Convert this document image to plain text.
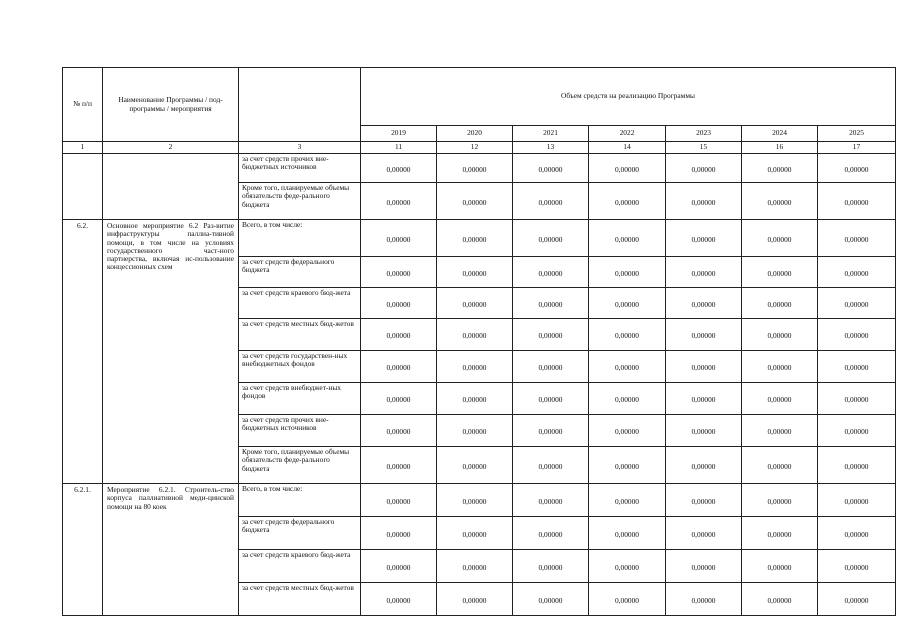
№ п/п	Наименование Программы / под-программы / мероприятия		Объем средств на реализацию Программы						
			2019	2020	2021	2022	2023	2024	2025
1	2	3	11	12	13	14	15	16	17
		за счет средств прочих вне-бюджетных источников	0,00000	0,00000	0,00000	0,00000	0,00000	0,00000	0,00000
		Кроме того, планируемые объемы обязательств феде-рального бюджета	0,00000	0,00000	0,00000	0,00000	0,00000	0,00000	0,00000
6.2.	Основное мероприятие 6.2 Раз-витие инфраструктуры паллиа-тивной помощи, в том числе на условиях государственного част-ного партнерства, включая ис-пользование концессионных схем	Всего, в том числе:	0,00000	0,00000	0,00000	0,00000	0,00000	0,00000	0,00000
		за счет средств федерального бюджета	0,00000	0,00000	0,00000	0,00000	0,00000	0,00000	0,00000
		за счет средств краевого бюд-жета	0,00000	0,00000	0,00000	0,00000	0,00000	0,00000	0,00000
		за счет средств местных бюд-жетов	0,00000	0,00000	0,00000	0,00000	0,00000	0,00000	0,00000
		за счет средств государствен-ных внебюджетных фондов	0,00000	0,00000	0,00000	0,00000	0,00000	0,00000	0,00000
		за счет средств внебюджет-ных фондов	0,00000	0,00000	0,00000	0,00000	0,00000	0,00000	0,00000
		за счет средств прочих вне-бюджетных источников	0,00000	0,00000	0,00000	0,00000	0,00000	0,00000	0,00000
		Кроме того, планируемые объемы обязательств феде-рального бюджета	0,00000	0,00000	0,00000	0,00000	0,00000	0,00000	0,00000
6.2.1.	Мероприятие 6.2.1. Строитель-ство корпуса паллиативной меди-цинской помощи на 80 коек	Всего, в том числе:	0,00000	0,00000	0,00000	0,00000	0,00000	0,00000	0,00000
		за счет средств федерального бюджета	0,00000	0,00000	0,00000	0,00000	0,00000	0,00000	0,00000
		за счет средств краевого бюд-жета	0,00000	0,00000	0,00000	0,00000	0,00000	0,00000	0,00000
		за счет средств местных бюд-жетов	0,00000	0,00000	0,00000	0,00000	0,00000	0,00000	0,00000
